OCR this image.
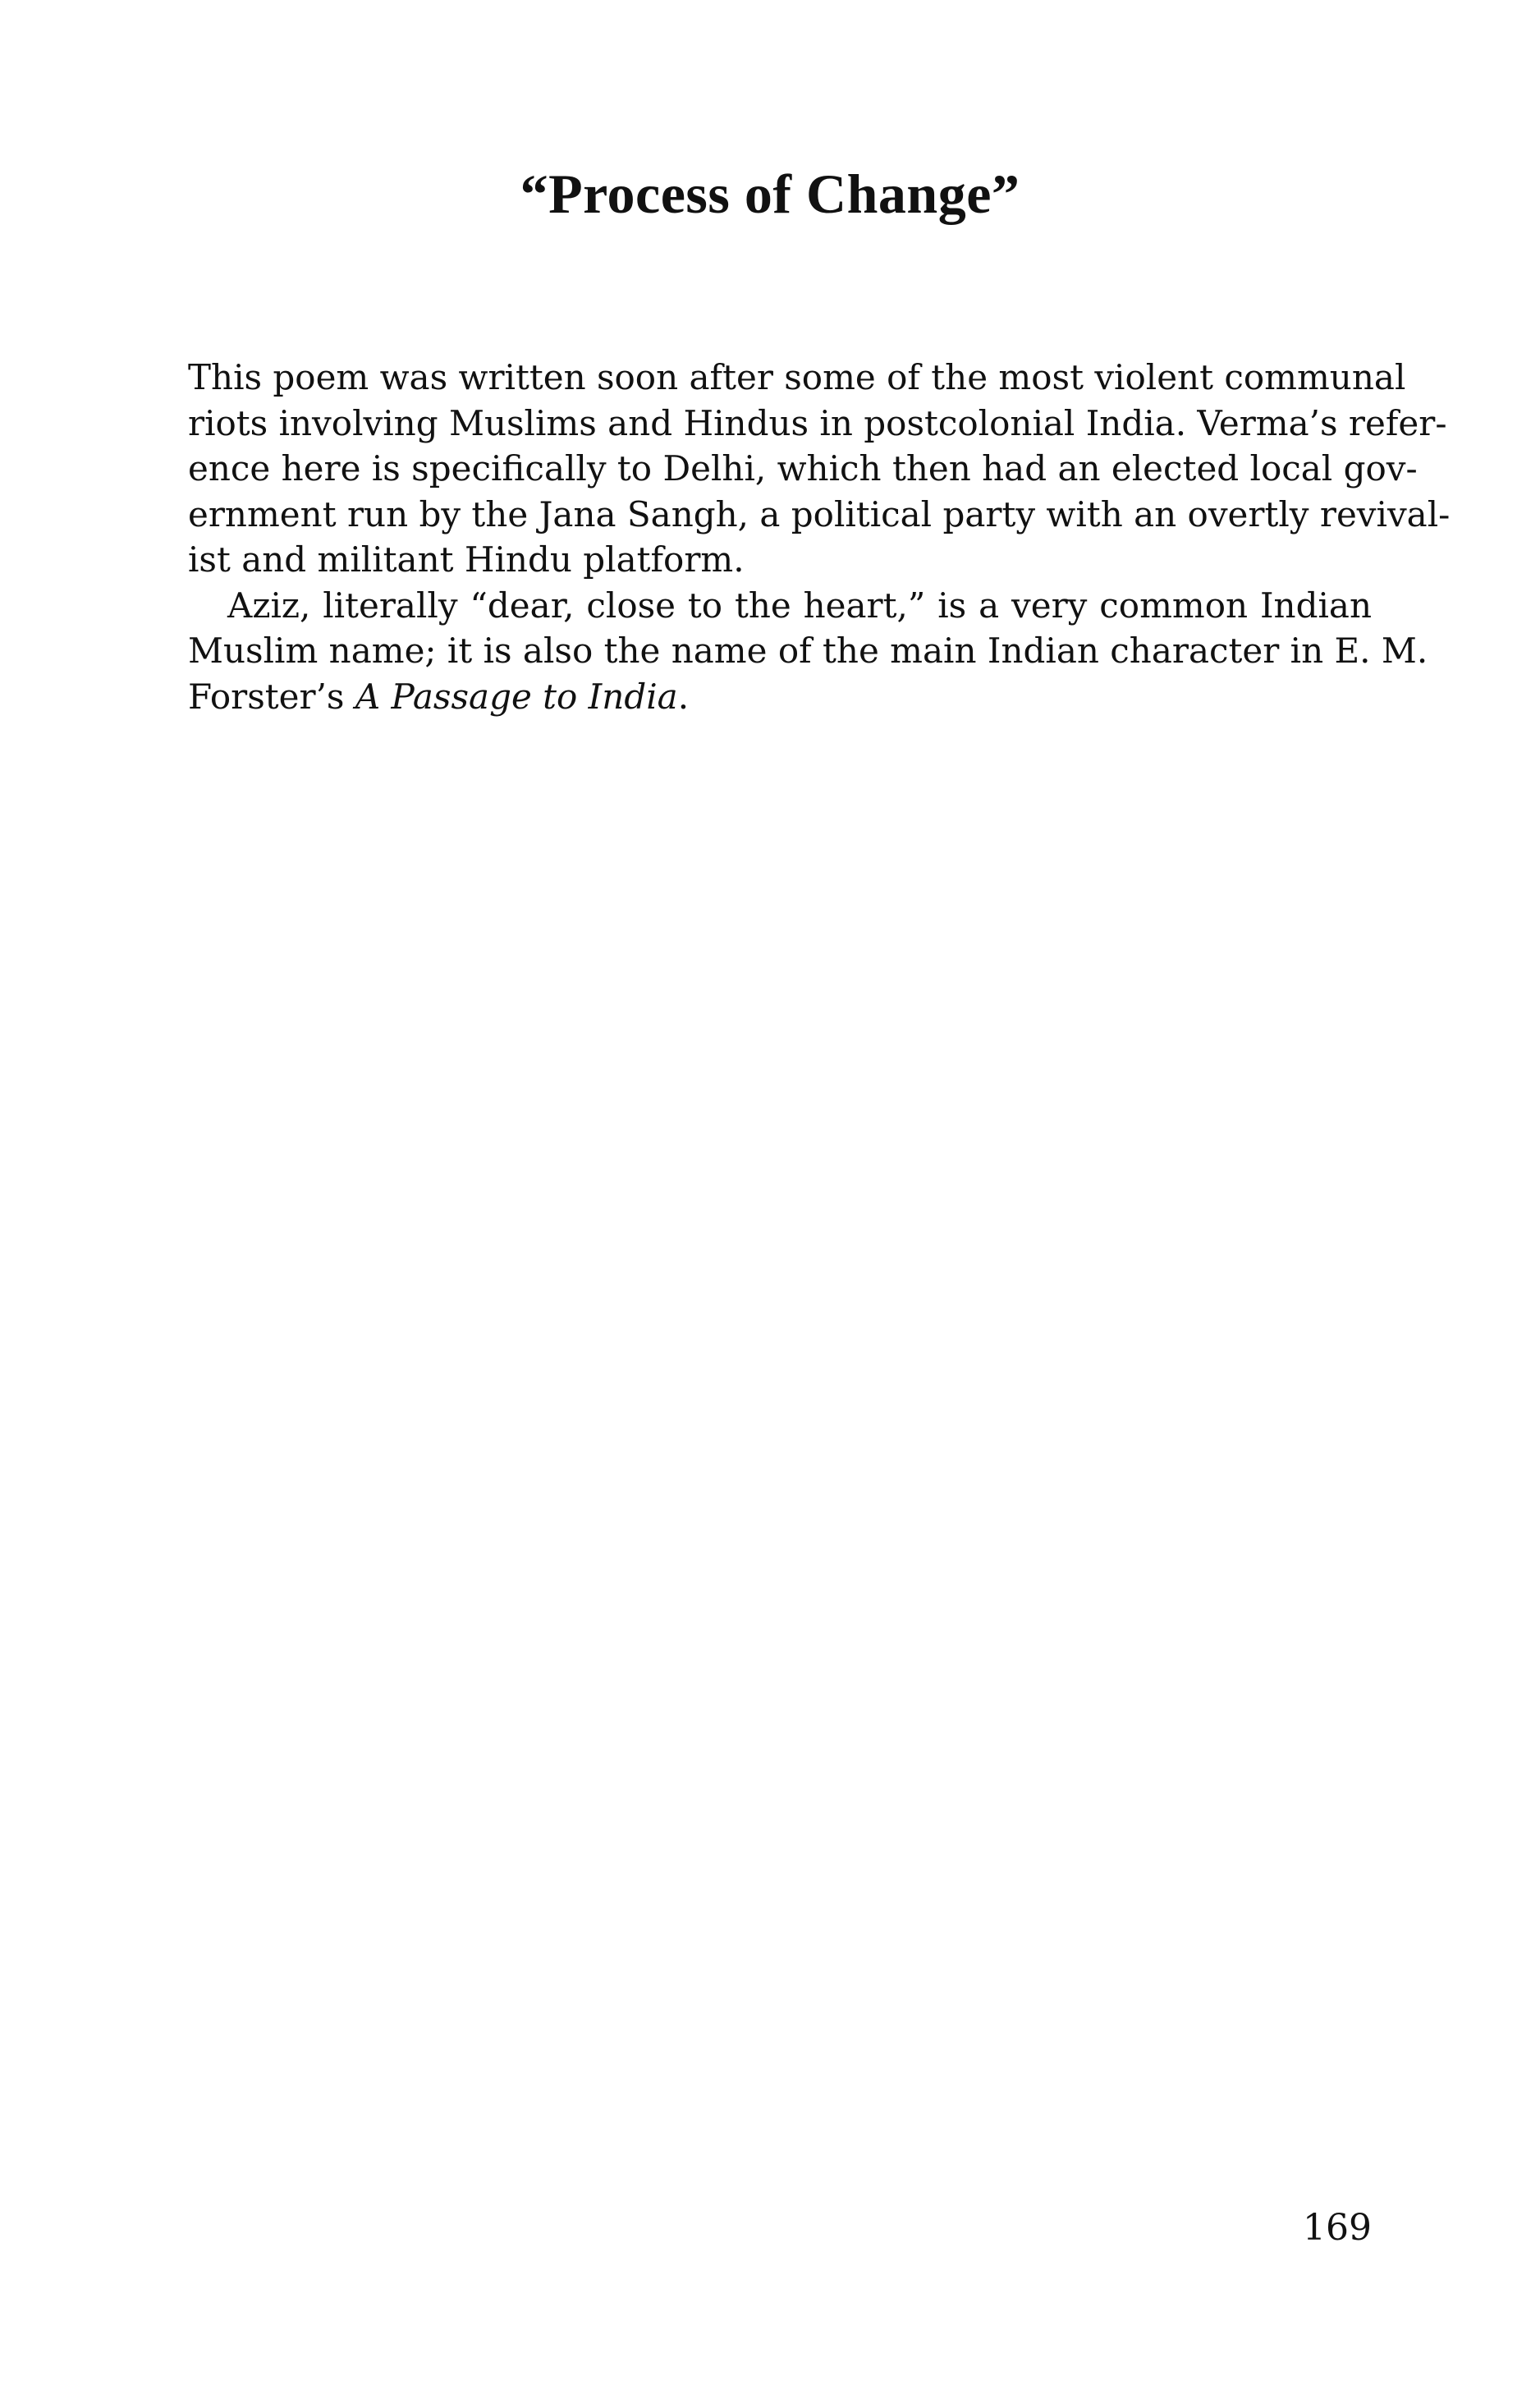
“Process of Change”

This poem was written soon after some of the most violent communal
riots involving Muslims and Hindus in postcolonial India. Verma’s refer-
ence here is specifically to Delhi, which then had an elected local gov-
ernment run by the Jana Sangh, a political party with an overtly revival-
ist and militant Hindu platform.

Aziz, literally “dear, close to the heart,” is a very common Indian
Muslim name; it is also the name of the main Indian character in E. M.
Forster’s A Passage to India.

169
